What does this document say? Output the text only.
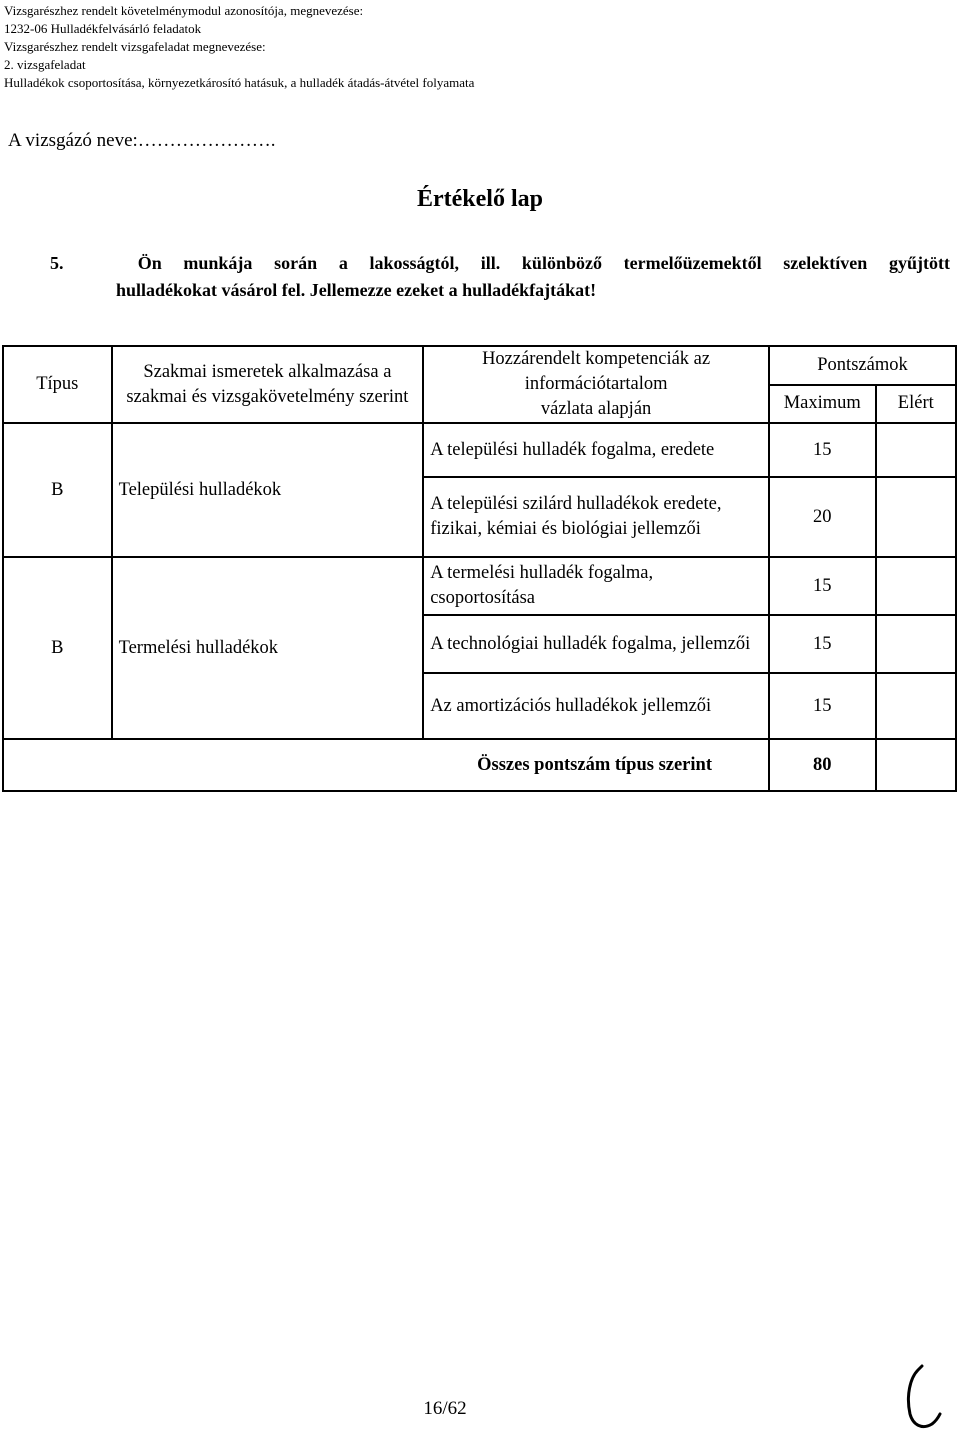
Vizsgarészhez rendelt követelménymodul azonosítója, megnevezése:
1232-06 Hulladékfelvásárló feladatok
Vizsgarészhez rendelt vizsgafeladat megnevezése:
2. vizsgafeladat
Hulladékok csoportosítása, környezetkárosító hatásuk, a hulladék átadás-átvétel folyamata
A vizsgázó neve:………………….
Értékelő lap
5.	Ön munkája során a lakosságtól, ill. különböző termelőüzemektől szelektíven gyűjtött
hulladékokat vásárol fel. Jellemezze ezeket a hulladékfajtákat!
Típus	Szakmai ismeretek alkalmazása a szakmai és vizsgakövetelmény szerint	Hozzárendelt kompetenciák az
információtartalom
vázlata alapján	Pontszámok	
			Maximum	Elért
B	Települési hulladékok	A települési hulladék fogalma, eredete	15	
		A települési szilárd hulladékok eredete, fizikai, kémiai és biológiai jellemzői	20	
B	Termelési hulladékok	A termelési hulladék fogalma, csoportosítása	15	
		A technológiai hulladék fogalma, jellemzői	15	
		Az amortizációs hulladékok jellemzői	15	
Összes pontszám típus szerint			80	
16/62
